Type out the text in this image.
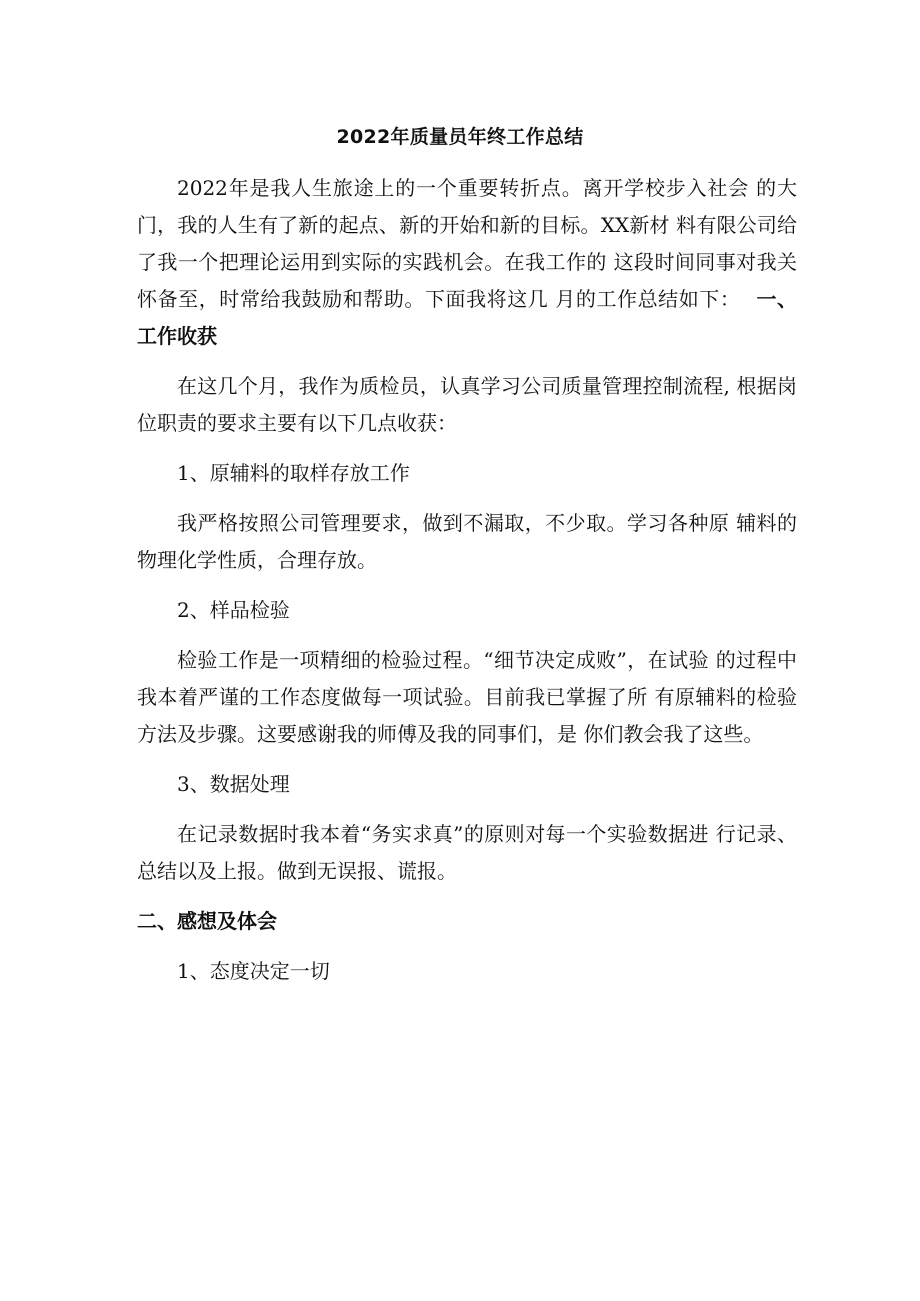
2022年质量员年终工作总结

2022年是我人生旅途上的一个重要转折点。离开学校步入社会 的大门，我的人生有了新的起点、新的开始和新的目标。XX新材 料有限公司给了我一个把理论运用到实际的实践机会。在我工作的 这段时间同事对我关怀备至，时常给我鼓励和帮助。下面我将这几 月的工作总结如下： 一、工作收获

在这几个月，我作为质检员，认真学习公司质量管理控制流程, 根据岗位职责的要求主要有以下几点收获：

1、原辅料的取样存放工作

我严格按照公司管理要求，做到不漏取，不少取。学习各种原 辅料的物理化学性质，合理存放。

2、样品检验

检验工作是一项精细的检验过程。“细节决定成败”，在试验 的过程中我本着严谨的工作态度做每一项试验。目前我已掌握了所 有原辅料的检验方法及步骤。这要感谢我的师傅及我的同事们，是 你们教会我了这些。

3、数据处理

在记录数据时我本着“务实求真”的原则对每一个实验数据进 行记录、总结以及上报。做到无误报、谎报。

二、感想及体会

1、态度决定一切
